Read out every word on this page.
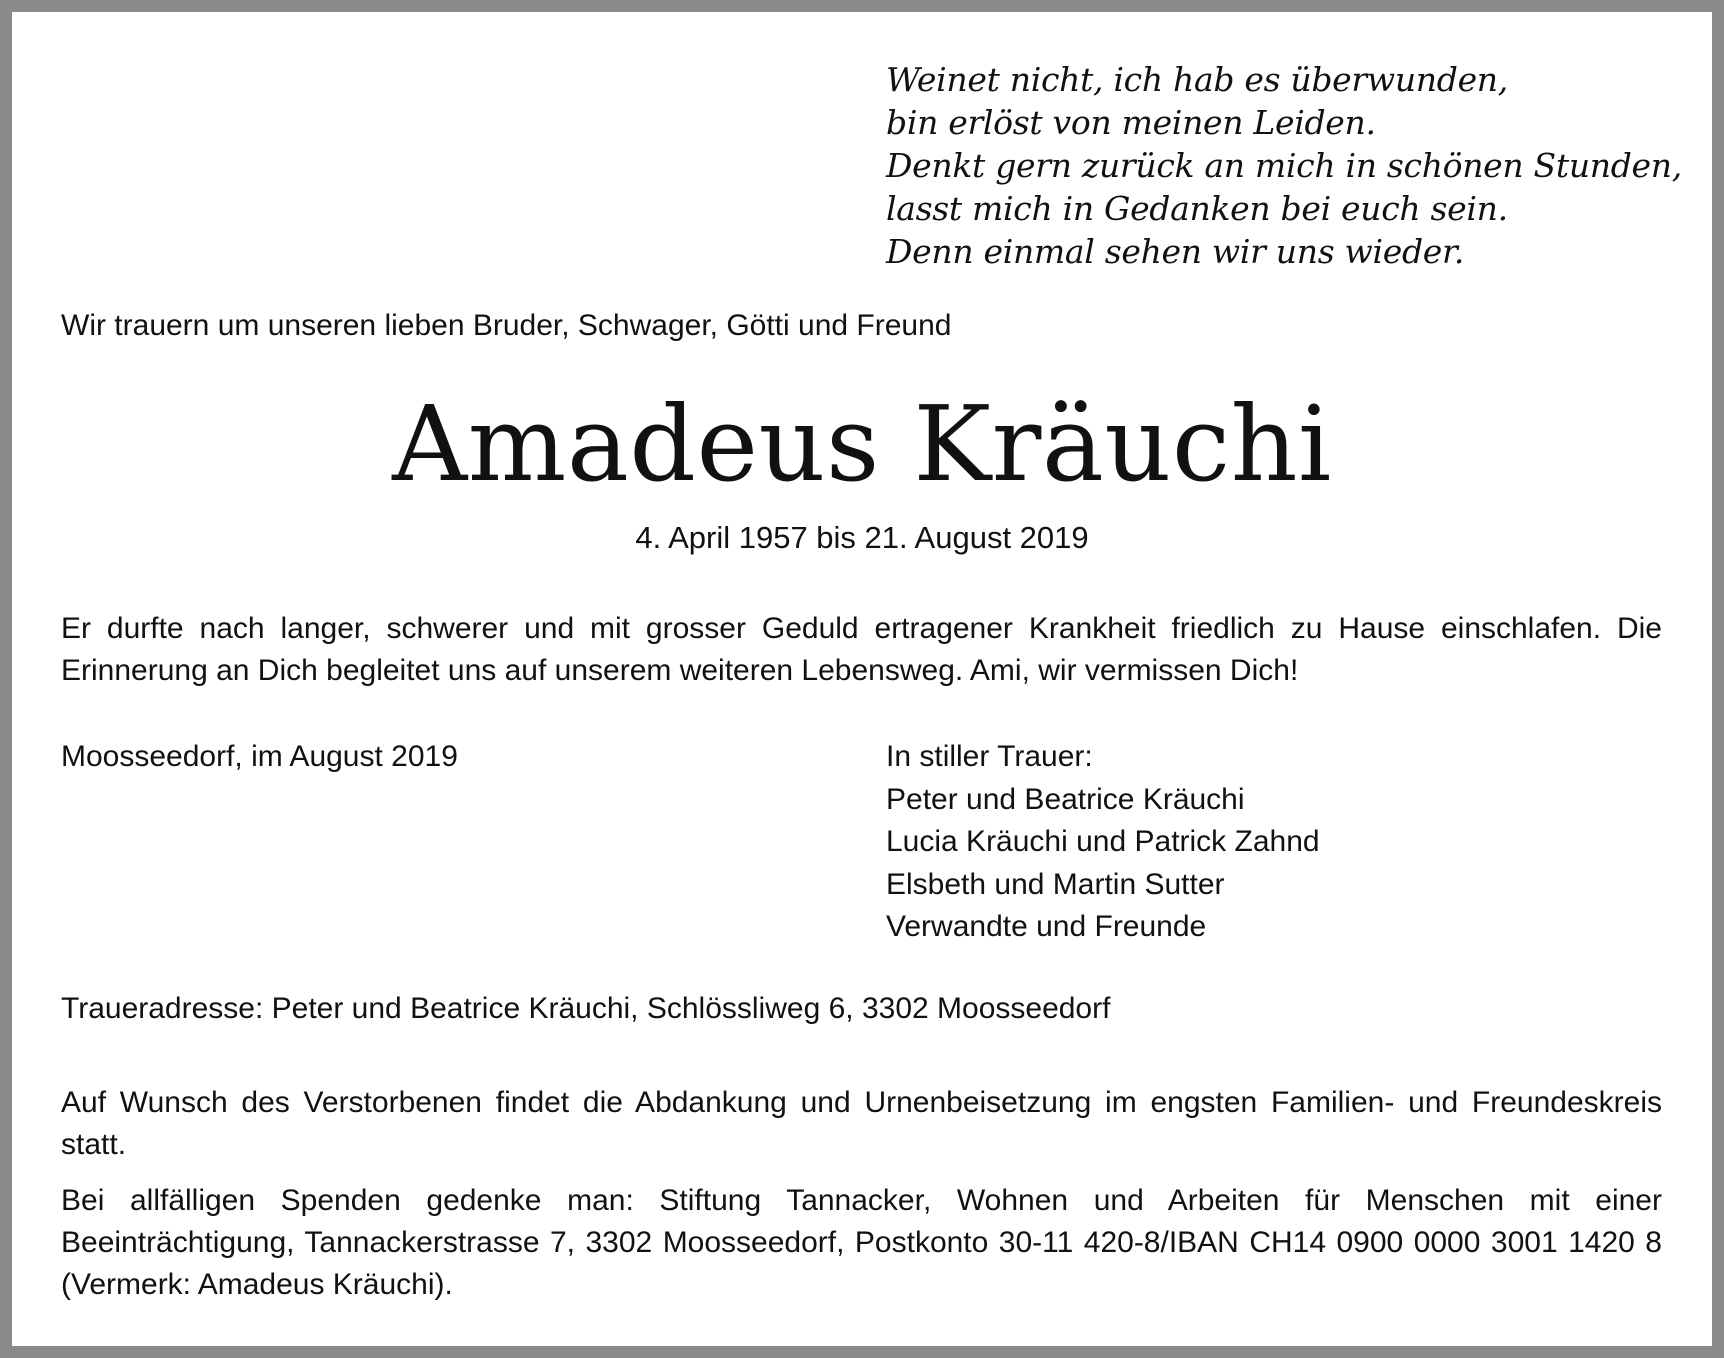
Weinet nicht, ich hab es überwunden,
bin erlöst von meinen Leiden.
Denkt gern zurück an mich in schönen Stunden,
lasst mich in Gedanken bei euch sein.
Denn einmal sehen wir uns wieder.
Wir trauern um unseren lieben Bruder, Schwager, Götti und Freund
Amadeus Kräuchi
4. April 1957 bis 21. August 2019
Er durfte nach langer, schwerer und mit grosser Geduld ertragener Krankheit friedlich zu Hause einschlafen. Die Erinnerung an Dich begleitet uns auf unserem weiteren Lebensweg. Ami, wir vermissen Dich!
Moosseedorf, im August 2019	In stiller Trauer:
Peter und Beatrice Kräuchi
Lucia Kräuchi und Patrick Zahnd
Elsbeth und Martin Sutter
Verwandte und Freunde
Traueradresse: Peter und Beatrice Kräuchi, Schlössliweg 6, 3302 Moosseedorf
Auf Wunsch des Verstorbenen findet die Abdankung und Urnenbeisetzung im engsten Familien- und Freundeskreis statt.
Bei allfälligen Spenden gedenke man: Stiftung Tannacker, Wohnen und Arbeiten für Menschen mit einer Beeinträchtigung, Tannackerstrasse 7, 3302 Moosseedorf, Postkonto 30-11 420-8/IBAN CH14 0900 0000 3001 1420 8 (Vermerk: Amadeus Kräuchi).
